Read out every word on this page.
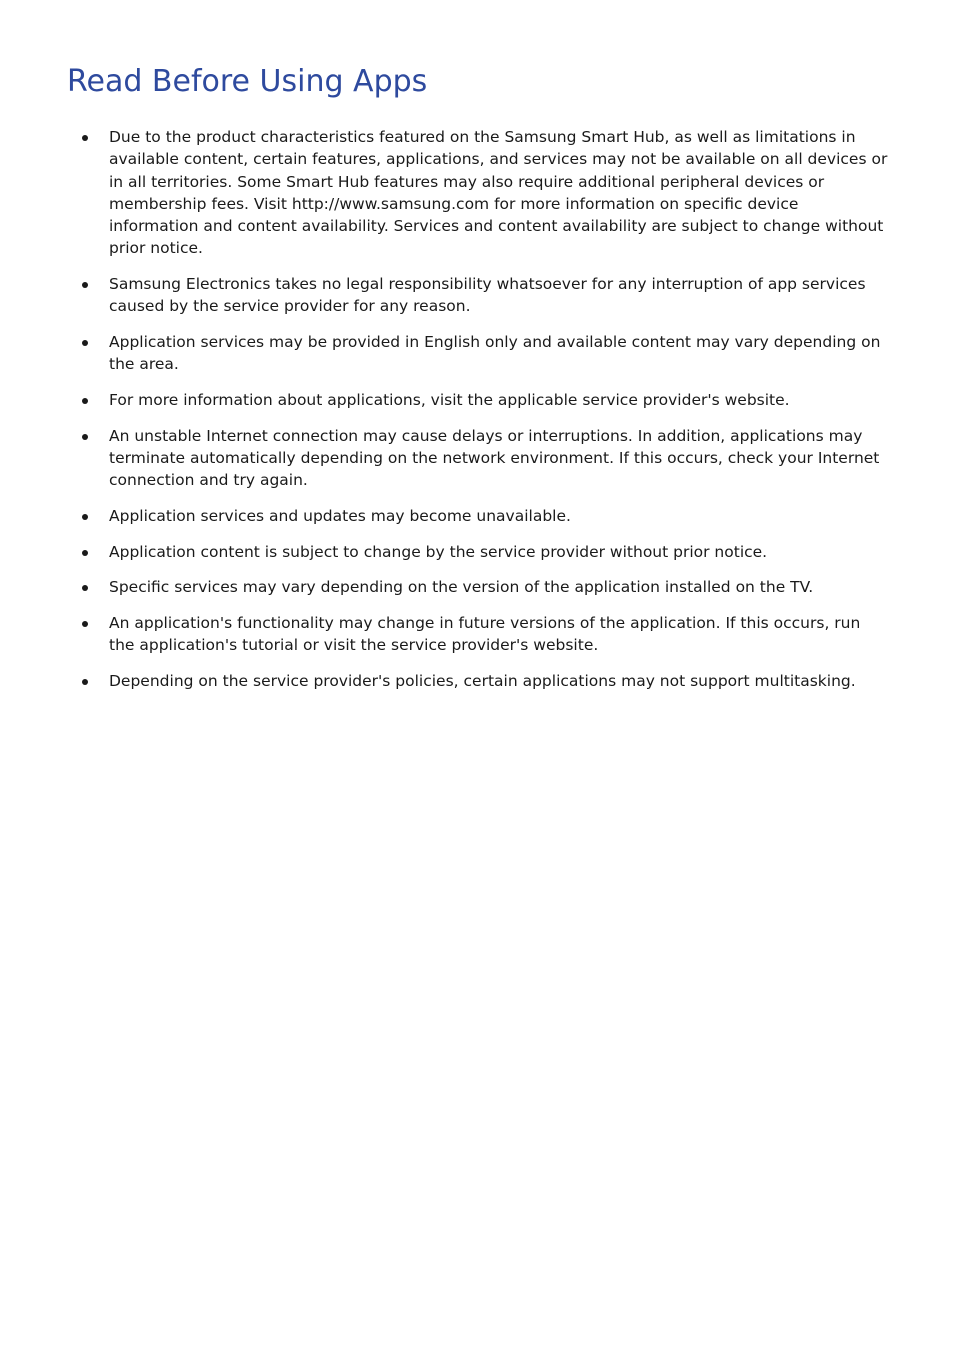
Read Before Using Apps
Due to the product characteristics featured on the Samsung Smart Hub, as well as limitations in available content, certain features, applications, and services may not be available on all devices or in all territories. Some Smart Hub features may also require additional peripheral devices or membership fees. Visit http://www.samsung.com for more information on specific device information and content availability. Services and content availability are subject to change without prior notice.
Samsung Electronics takes no legal responsibility whatsoever for any interruption of app services caused by the service provider for any reason.
Application services may be provided in English only and available content may vary depending on the area.
For more information about applications, visit the applicable service provider's website.
An unstable Internet connection may cause delays or interruptions. In addition, applications may terminate automatically depending on the network environment. If this occurs, check your Internet connection and try again.
Application services and updates may become unavailable.
Application content is subject to change by the service provider without prior notice.
Specific services may vary depending on the version of the application installed on the TV.
An application's functionality may change in future versions of the application. If this occurs, run the application's tutorial or visit the service provider's website.
Depending on the service provider's policies, certain applications may not support multitasking.
